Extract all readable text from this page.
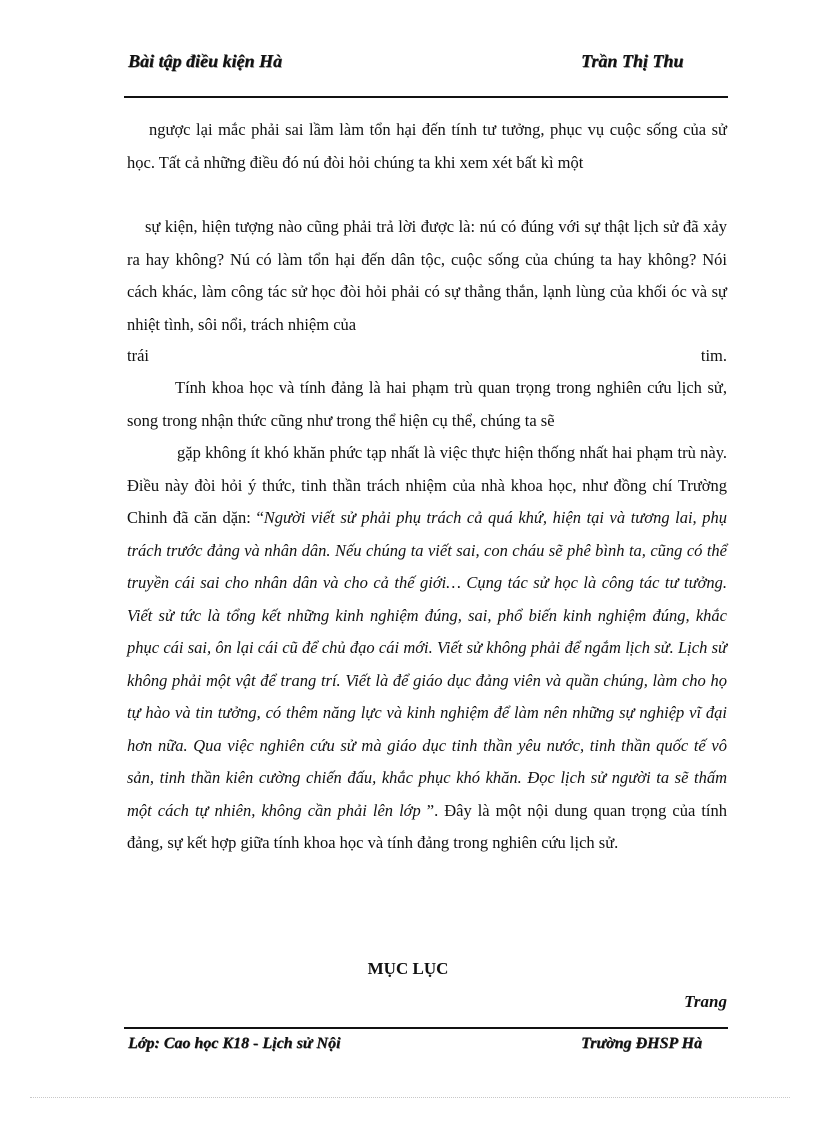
Bài tập điều kiện Hà	Trần Thị Thu
ngược lại mắc phải sai lầm làm tổn hại đến tính tư tưởng, phục vụ cuộc sống của sử học. Tất cả những điều đó nú đòi hỏi chúng ta khi xem xét bất kì một
sự kiện, hiện tượng nào cũng phải trả lời được là: nú có đúng với sự thật lịch sử đã xảy ra hay không? Nú có làm tổn hại đến dân tộc, cuộc sống của chúng ta hay không? Nói cách khác, làm công tác sử học đòi hỏi phải có sự thẳng thắn, lạnh lùng của khối óc và sự nhiệt tình, sôi nổi, trách nhiệm của
trái	tim.
Tính khoa học và tính đảng là hai phạm trù quan trọng trong nghiên cứu lịch sử, song trong nhận thức cũng như trong thể hiện cụ thể, chúng ta sẽ
gặp không ít khó khăn phức tạp nhất là việc thực hiện thống nhất hai phạm trù này. Điều này đòi hỏi ý thức, tinh thần trách nhiệm của nhà khoa học, như đồng chí Trường Chinh đã căn dặn: “Người viết sử phải phụ trách cả quá khứ, hiện tại và tương lai, phụ trách trước đảng và nhân dân. Nếu chúng ta viết sai, con cháu sẽ phê bình ta, cũng có thể truyền cái sai cho nhân dân và cho cả thế giới… Cụng tác sử học là công tác tư tưởng. Viết sử tức là tổng kết những kinh nghiệm đúng, sai, phổ biến kinh nghiệm đúng, khắc phục cái sai, ôn lại cái cũ để chủ đạo cái mới. Viết sử không phải để ngắm lịch sử. Lịch sử không phải một vật để trang trí. Viết là để giáo dục đảng viên và quần chúng, làm cho họ tự hào và tin tưởng, có thêm năng lực và kinh nghiệm để làm nên những sự nghiệp vĩ đại hơn nữa. Qua việc nghiên cứu sử mà giáo dục tinh thần yêu nước, tinh thần quốc tế vô sản, tinh thần kiên cường chiến đấu, khắc phục khó khăn. Đọc lịch sử người ta sẽ thấm một cách tự nhiên, không cần phải lên lớp ”. Đây là một nội dung quan trọng của tính đảng, sự kết hợp giữa tính khoa học và tính đảng trong nghiên cứu lịch sử.
MỤC LỤC
Trang
Lớp: Cao học K18 - Lịch sử Nội	Trường ĐHSP Hà
